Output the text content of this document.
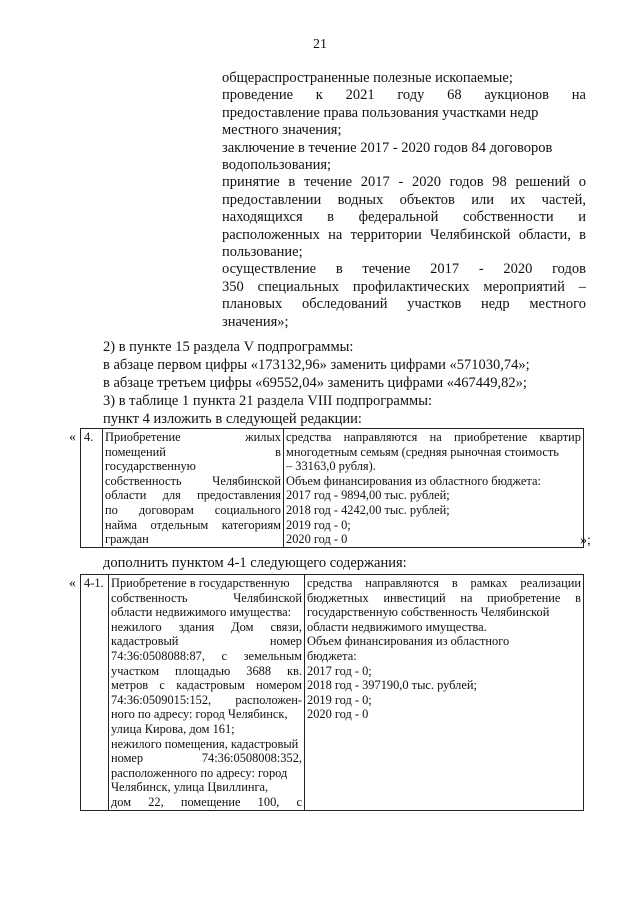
21
общераспространенные полезные ископаемые;
проведение к 2021 году 68 аукционов на
предоставление права пользования участками недр
местного значения;
заключение в течение 2017 - 2020 годов 84 договоров
водопользования;
принятие в течение 2017 - 2020 годов 98 решений о
предоставлении водных объектов или их частей,
находящихся в федеральной собственности и
расположенных на территории Челябинской области, в
пользование;
осуществление в течение 2017 - 2020 годов
350 специальных профилактических мероприятий –
плановых обследований участков недр местного
значения»;
2) в пункте 15 раздела V подпрограммы:
в абзаце первом цифры «173132,96» заменить цифрами «571030,74»;
в абзаце третьем цифры «69552,04» заменить цифрами «467449,82»;
3) в таблице 1 пункта 21 раздела VIII подпрограммы:
пункт 4 изложить в следующей редакции:
« 4.	Приобретение	жилых
помещений	в
государственную
собственность Челябинской
области для предоставления
по договорам социального
найма отдельным категориям
граждан

средства направляются на приобретение квартир
многодетным семьям (средняя рыночная стоимость
– 33163,0 рубля).
Объем финансирования из областного бюджета:
2017 год - 9894,00 тыс. рублей;
2018 год - 4242,00 тыс. рублей;
2019 год - 0;
2020 год - 0	»;
дополнить пунктом 4-1 следующего содержания:
« 4-1.	Приобретение в государственную
собственность	Челябинской
области недвижимого имущества:
нежилого здания Дом связи,
кадастровый	номер
74:36:0508088:87, с земельным
участком площадью 3688 кв.
метров с кадастровым номером
74:36:0509015:152, расположен-
ного по адресу: город Челябинск,
улица Кирова, дом 161;
нежилого помещения, кадастровый
номер	74:36:0508008:352,
расположенного по адресу: город
Челябинск, улица Цвиллинга,
дом 22, помещение 100, с

средства направляются в рамках реализации
бюджетных инвестиций на приобретение в
государственную собственность Челябинской
области недвижимого имущества.
Объем финансирования из областного
бюджета:
2017 год - 0;
2018 год - 397190,0 тыс. рублей;
2019 год - 0;
2020 год - 0
